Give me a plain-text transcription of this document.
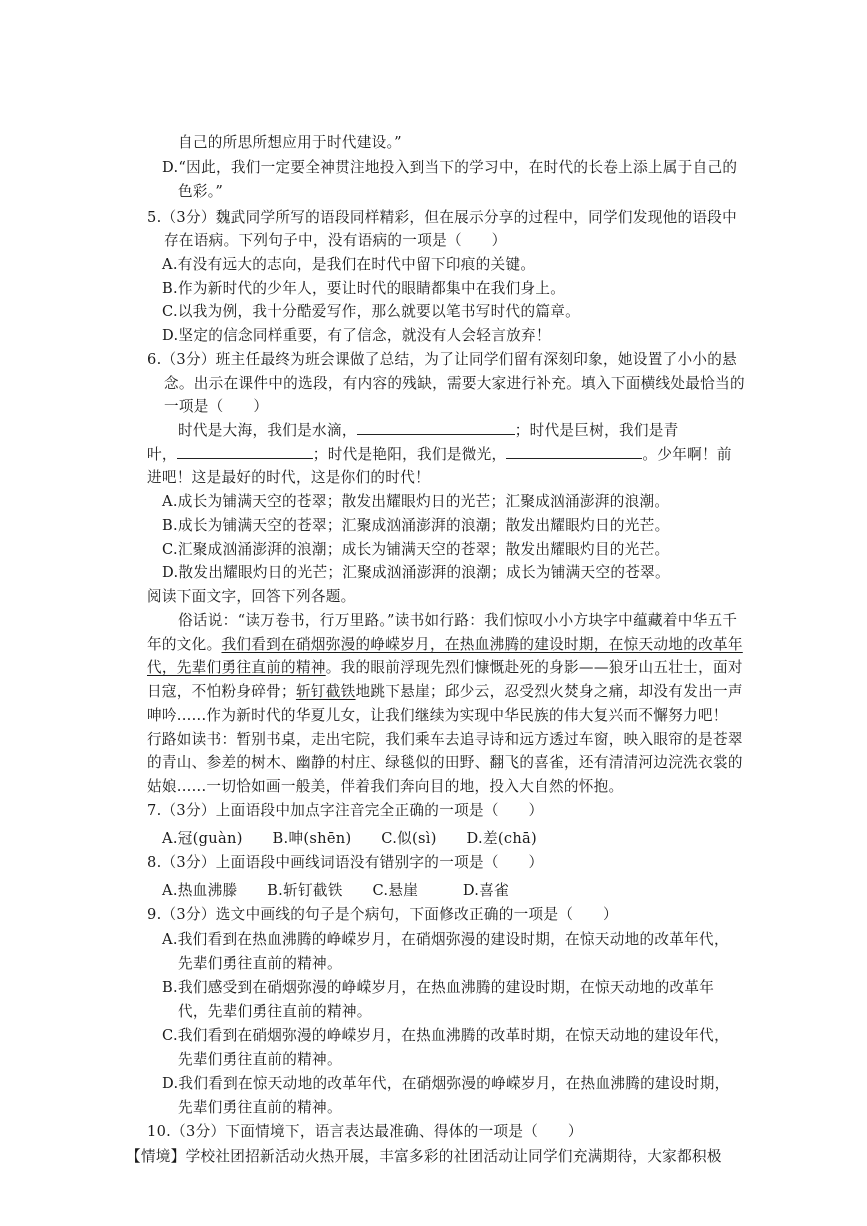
自己的所思所想应用于时代建设。”
D.“因此，我们一定要全神贯注地投入到当下的学习中，在时代的长卷上添上属于自己的
色彩。”
5.（3分）魏武同学所写的语段同样精彩，但在展示分享的过程中，同学们发现他的语段中
存在语病。下列句子中，没有语病的一项是（　　）
A.有没有远大的志向，是我们在时代中留下印痕的关键。
B.作为新时代的少年人，要让时代的眼睛都集中在我们身上。
C.以我为例，我十分酷爱写作，那么就要以笔书写时代的篇章。
D.坚定的信念同样重要，有了信念，就没有人会轻言放弃！
6.（3分）班主任最终为班会课做了总结，为了让同学们留有深刻印象，她设置了小小的悬
念。出示在课件中的选段，有内容的残缺，需要大家进行补充。填入下面横线处最恰当的
一项是（　　）
时代是大海，我们是水滴，	；时代是巨树，我们是青
叶，	；时代是艳阳，我们是微光，	。少年啊！前
进吧！这是最好的时代，这是你们的时代！
A.成长为铺满天空的苍翠；散发出耀眼灼日的光芒；汇聚成汹涌澎湃的浪潮。
B.成长为铺满天空的苍翠；汇聚成汹涌澎湃的浪潮；散发出耀眼灼日的光芒。
C.汇聚成汹涌澎湃的浪潮；成长为铺满天空的苍翠；散发出耀眼灼目的光芒。
D.散发出耀眼灼日的光芒；汇聚成汹涌澎湃的浪潮；成长为铺满天空的苍翠。
阅读下面文字，回答下列各题。
俗话说：“读万卷书，行万里路。”读书如行路：我们惊叹小小方块字中蕴藏着中华五千
年的文化。我们看到在硝烟弥漫的峥嵘岁月，在热血沸腾的建设时期，在惊天动地的改革年
代，先辈们勇往直前的精神。我的眼前浮现先烈们慷慨赴死的身影——狼牙山五壮士，面对
日寇，不怕粉身碎骨；斩钉截铁地跳下悬崖；邱少云，忍受烈火焚身之痛，却没有发出一声
呻吟......作为新时代的华夏儿女，让我们继续为实现中华民族的伟大复兴而不懈努力吧！
行路如读书：暂别书桌，走出宅院，我们乘车去追寻诗和远方透过车窗，映入眼帘的是苍翠
的青山、参差的树木、幽静的村庄、绿毯似的田野、翻飞的喜雀，还有清清河边浣洗衣裳的
姑娘......一切恰如画一般美，伴着我们奔向目的地，投入大自然的怀抱。
7.（3分）上面语段中加点字注音完全正确的一项是（　　）
A.冠(guàn)　　B.呻(shēn)　　C.似(sì)　　D.差(chā)
8.（3分）上面语段中画线词语没有错别字的一项是（　　）
A.热血沸滕　　B.斩钉截铁　　C.悬崖　　　D.喜雀
9.（3分）选文中画线的句子是个病句，下面修改正确的一项是（　　）
A.我们看到在热血沸腾的峥嵘岁月，在硝烟弥漫的建设时期，在惊天动地的改革年代，
先辈们勇往直前的精神。
B.我们感受到在硝烟弥漫的峥嵘岁月，在热血沸腾的建设时期，在惊天动地的改革年
代，先辈们勇往直前的精神。
C.我们看到在硝烟弥漫的峥嵘岁月，在热血沸腾的改革时期，在惊天动地的建设年代，
先辈们勇往直前的精神。
D.我们看到在惊天动地的改革年代，在硝烟弥漫的峥嵘岁月，在热血沸腾的建设时期，
先辈们勇往直前的精神。
10.（3分）下面情境下，语言表达最准确、得体的一项是（　　）
【情境】学校社团招新活动火热开展，丰富多彩的社团活动让同学们充满期待，大家都积极
